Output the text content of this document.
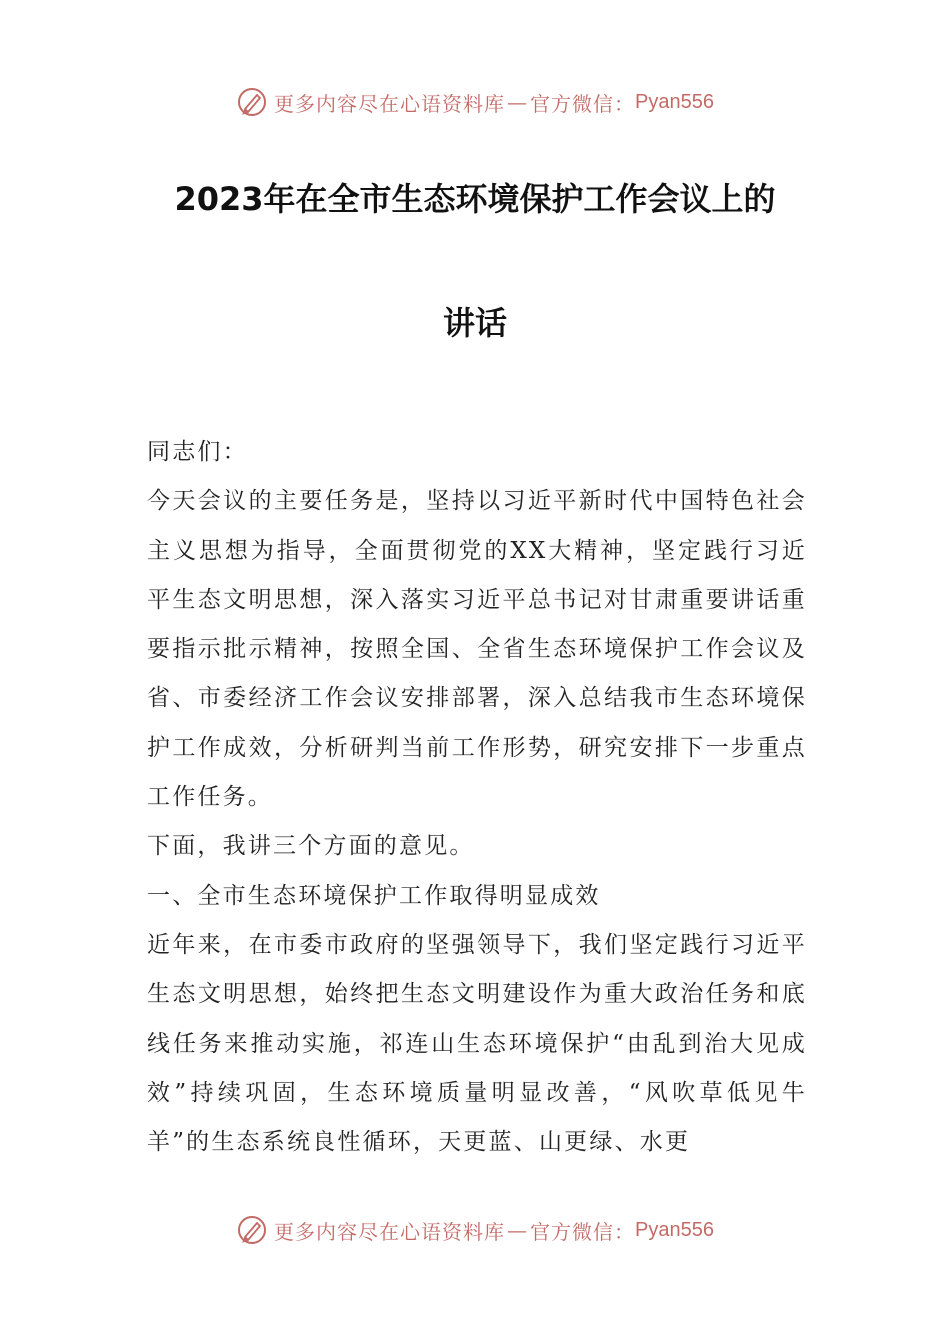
更多内容尽在心语资料库 — 官方微信： Pyan556
2023年在全市生态环境保护工作会议上的
讲话

同志们：

今天会议的主要任务是，坚持以习近平新时代中国特色社会主义思想为指导，全面贯彻党的XX大精神，坚定践行习近平生态文明思想，深入落实习近平总书记对甘肃重要讲话重要指示批示精神，按照全国、全省生态环境保护工作会议及省、市委经济工作会议安排部署，深入总结我市生态环境保护工作成效，分析研判当前工作形势，研究安排下一步重点工作任务。

下面，我讲三个方面的意见。

一、全市生态环境保护工作取得明显成效

近年来，在市委市政府的坚强领导下，我们坚定践行习近平生态文明思想，始终把生态文明建设作为重大政治任务和底线任务来推动实施，祁连山生态环境保护“由乱到治大见成效”持续巩固，生态环境质量明显改善，“风吹草低见牛羊”的生态系统良性循环，天更蓝、山更绿、水更

更多内容尽在心语资料库 — 官方微信： Pyan556
